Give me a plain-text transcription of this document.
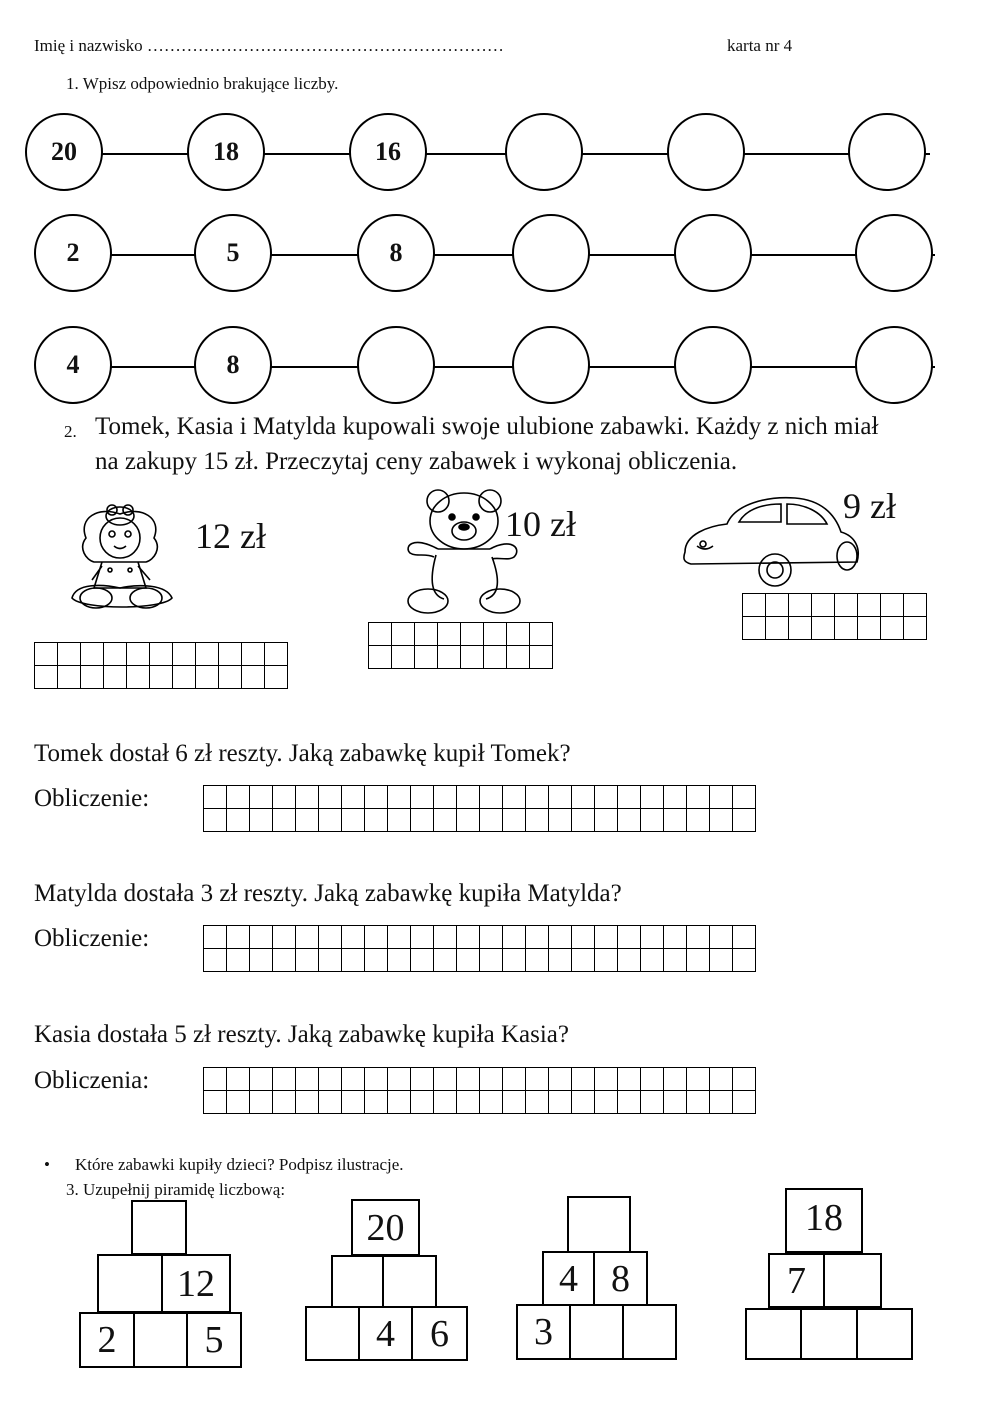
Imię i nazwisko ………………………………………………………	karta nr 4
1. Wpisz odpowiednio brakujące liczby.
20	18	16
2	5	8
4	8
2. Tomek, Kasia i Matylda kupowali swoje ulubione zabawki. Każdy z nich miał
na zakupy 15 zł. Przeczytaj ceny zabawek i wykonaj obliczenia.
12 zł	10 zł	9 zł

Tomek dostał 6 zł reszty. Jaką zabawkę kupił Tomek?
Obliczenie:

Matylda dostała 3 zł reszty. Jaką zabawkę kupiła Matylda?
Obliczenie:

Kasia dostała 5 zł reszty. Jaką zabawkę kupiła Kasia?
Obliczenia:

• Które zabawki kupiły dzieci? Podpisz ilustracje.
3. Uzupełnij piramidę liczbową:
12
2	5
20
4 6
4 8
3
18
7
